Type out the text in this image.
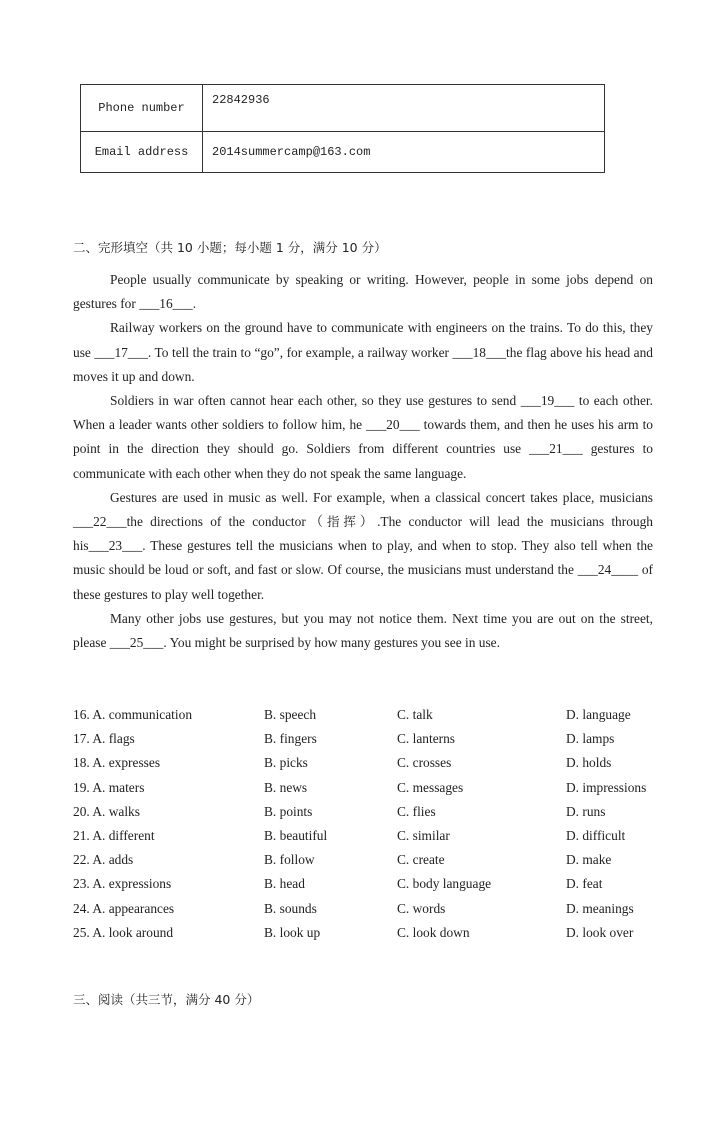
Phone number	22842936
Email address	2014summercamp@163.com
二、完形填空（共 10 小题；每小题 1 分，满分 10 分）

People usually communicate by speaking or writing. However, people in some jobs depend on gestures for ___16___.

Railway workers on the ground have to communicate with engineers on the trains. To do this, they use ___17___. To tell the train to “go”, for example, a railway worker ___18___the flag above his head and moves it up and down.

Soldiers in war often cannot hear each other, so they use gestures to send ___19___ to each other. When a leader wants other soldiers to follow him, he ___20___ towards them, and then he uses his arm to point in the direction they should go. Soldiers from different countries use ___21___ gestures to communicate with each other when they do not speak the same language.

Gestures are used in music as well. For example, when a classical concert takes place, musicians ___22___the directions of the conductor（指挥）.The conductor will lead the musicians through his___23___. These gestures tell the musicians when to play, and when to stop. They also tell when the music should be loud or soft, and fast or slow. Of course, the musicians must understand the ___24____ of these gestures to play well together.

Many other jobs use gestures, but you may not notice them. Next time you are out on the street, please ___25___. You might be surprised by how many gestures you see in use.

16. A. communication	B. speech	C. talk	D. language
17. A. flags	B. fingers	C. lanterns	D. lamps
18. A. expresses	B. picks	C. crosses	D. holds
19. A. maters	B. news	C. messages	D. impressions
20. A. walks	B. points	C. flies	D. runs
21. A. different	B. beautiful	C. similar	D. difficult
22. A. adds	B. follow	C. create	D. make
23. A. expressions	B. head	C. body language	D. feat
24. A. appearances	B. sounds	C. words	D. meanings
25. A. look around	B. look up	C. look down	D. look over
三、阅读（共三节，满分 40 分）
